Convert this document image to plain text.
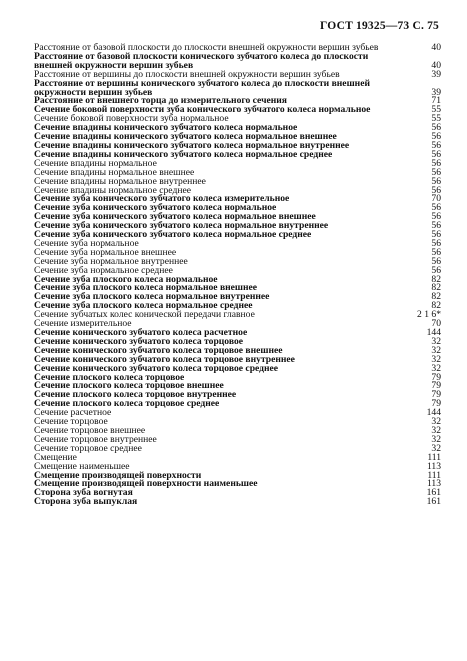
ГОСТ 19325—73 С. 75
Расстояние от базовой плоскости до плоскости внешней окружности вершин зубьев	40
Расстояние от базовой плоскости конического зубчатого колеса до плоскости внешней окружности вершин зубьев	40
Расстояние от вершины до плоскости внешней окружности вершин зубьев	39
Расстояние от вершины конического зубчатого колеса до плоскости внешней окружности вершин зубьев	39
Расстояние от внешнего торца до измерительного сечения	71
Сечение боковой поверхности зуба конического зубчатого колеса нормальное	55
Сечение боковой поверхности зуба нормальное	55
Сечение впадины конического зубчатого колеса нормальное	56
Сечение впадины конического зубчатого колеса нормальное внешнее	56
Сечение впадины конического зубчатого колеса нормальное внутреннее	56
Сечение впадины конического зубчатого колеса нормальное среднее	56
Сечение впадины нормальное	56
Сечение впадины нормальное внешнее	56
Сечение впадины нормальное внутреннее	56
Сечение впадины нормальное среднее	56
Сечение зуба конического зубчатого колеса измерительное	70
Сечение зуба конического зубчатого колеса нормальное	56
Сечение зуба конического зубчатого колеса нормальное внешнее	56
Сечение зуба конического зубчатого колеса нормальное внутреннее	56
Сечение зуба конического зубчатого колеса нормальное среднее	56
Сечение зуба нормальное	56
Сечение зуба нормальное внешнее	56
Сечение зуба нормальное внутреннее	56
Сечение зуба нормальное среднее	56
Сечение зуба плоского колеса нормальное	82
Сечение зуба плоского колеса нормальное внешнее	82
Сечение зуба плоского колеса нормальное внутреннее	82
Сечение зуба плоского колеса нормальное среднее	82
Сечение зубчатых колес конической передачи главное	2 1 6*
Сечение измерительное	70
Сечение конического зубчатого колеса расчетное	144
Сечение конического зубчатого колеса торцовое	32
Сечение конического зубчатого колеса торцовое внешнее	32
Сечение конического зубчатого колеса торцовое внутреннее	32
Сечение конического зубчатого колеса торцовое среднее	32
Сечение плоского колеса торцовое	79
Сечение плоского колеса торцовое внешнее	79
Сечение плоского колеса торцовое внутреннее	79
Сечение плоского колеса торцовое среднее	79
Сечение расчетное	144
Сечение торцовое	32
Сечение торцовое внешнее	32
Сечение торцовое внутреннее	32
Сечение торцовое среднее	32
Смещение	111
Смещение наименьшее	113
Смещение производящей поверхности	111
Смещение производящей поверхности наименьшее	113
Сторона зуба вогнутая	161
Сторона зуба выпуклая	161
